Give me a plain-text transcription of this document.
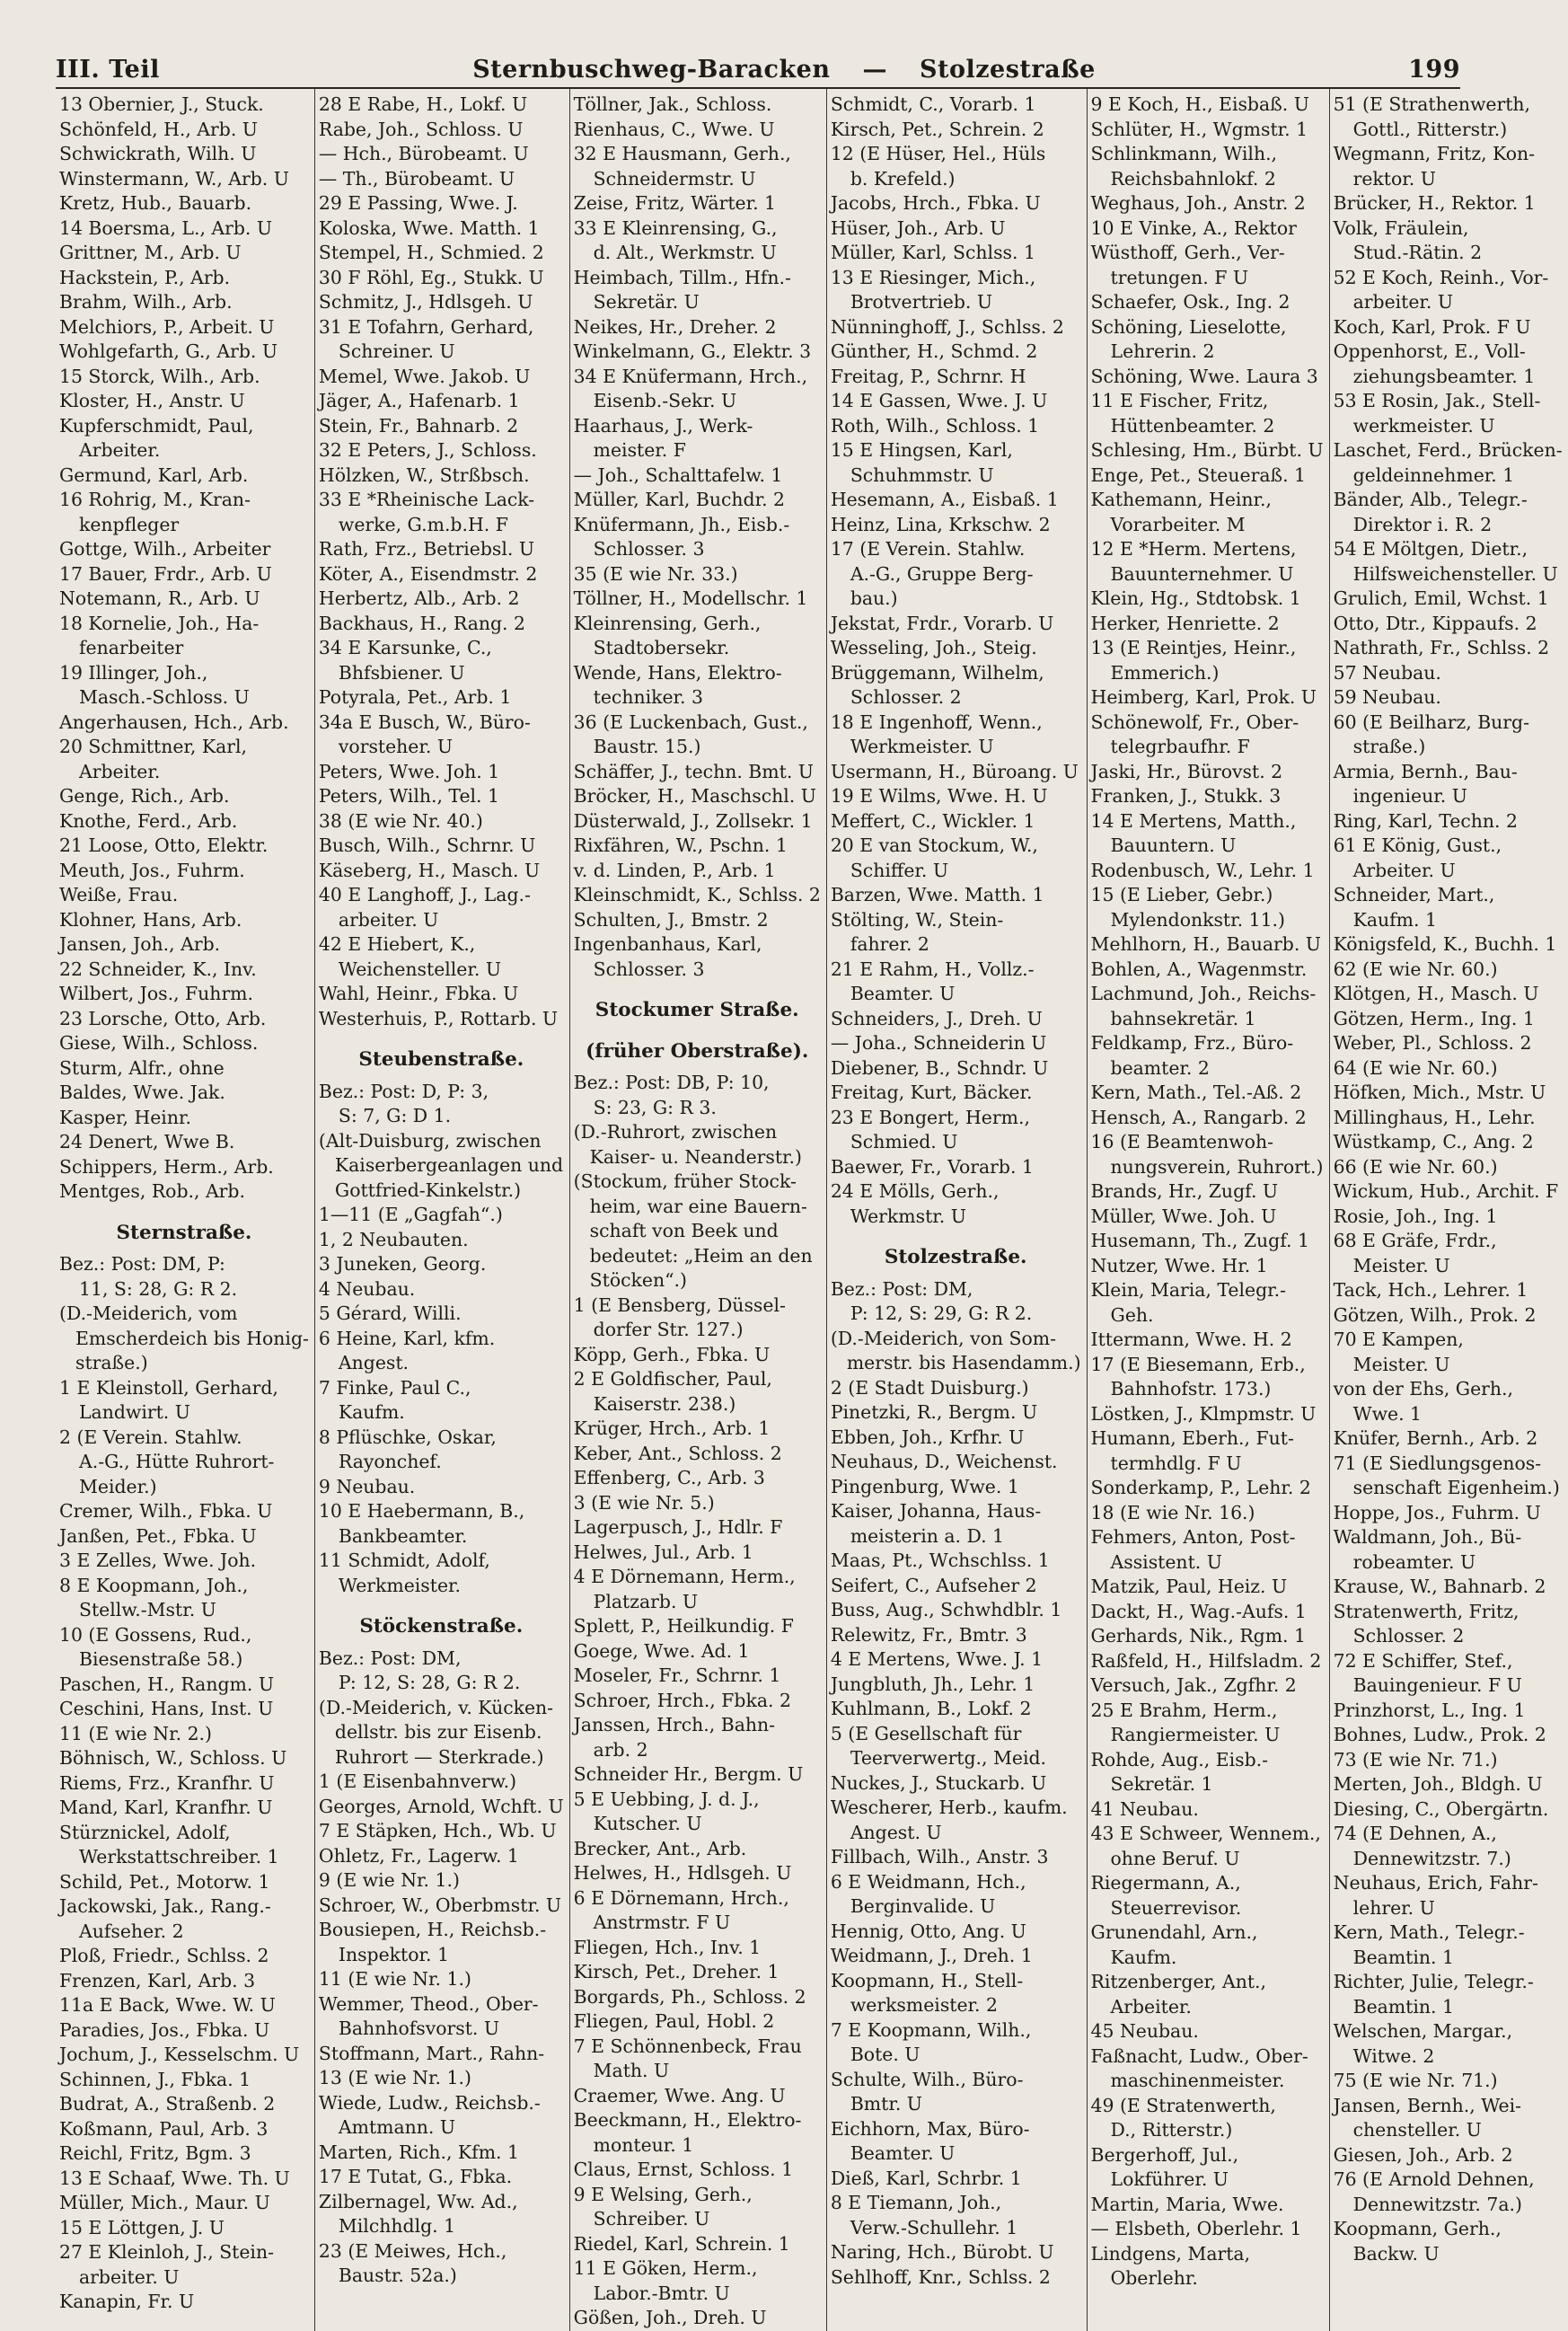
III. Teil	Sternbuschweg-Baracken — Stolzestraße	199
13 Obernier, J., Stuck.
Schönfeld, H., Arb. U
Schwickrath, Wilh. U
Winstermann, W., Arb. U
Kretz, Hub., Bauarb.
14 Boersma, L., Arb. U
Grittner, M., Arb. U
Hackstein, P., Arb.
Brahm, Wilh., Arb.
Melchiors, P., Arbeit. U
Wohlgefarth, G., Arb. U
15 Storck, Wilh., Arb.
Kloster, H., Anstr. U
Kupferschmidt, Paul,
Arbeiter.
Germund, Karl, Arb.
16 Rohrig, M., Kran-
kenpfleger
Gottge, Wilh., Arbeiter
17 Bauer, Frdr., Arb. U
Notemann, R., Arb. U
18 Kornelie, Joh., Ha-
fenarbeiter
19 Illinger, Joh.,
Masch.-Schloss. U
Angerhausen, Hch., Arb.
20 Schmittner, Karl,
Arbeiter.
Genge, Rich., Arb.
Knothe, Ferd., Arb.
21 Loose, Otto, Elektr.
Meuth, Jos., Fuhrm.
Weiße, Frau.
Klohner, Hans, Arb.
Jansen, Joh., Arb.
22 Schneider, K., Inv.
Wilbert, Jos., Fuhrm.
23 Lorsche, Otto, Arb.
Giese, Wilh., Schloss.
Sturm, Alfr., ohne
Baldes, Wwe. Jak.
Kasper, Heinr.
24 Denert, Wwe B.
Schippers, Herm., Arb.
Mentges, Rob., Arb.
Sternstraße.
Bez.: Post: DM, P:
11, S: 28, G: R 2.
(D.-Meiderich, vom
Emscherdeich bis Honig-
straße.)
1 E Kleinstoll, Gerhard,
Landwirt. U
2 (E Verein. Stahlw.
A.-G., Hütte Ruhrort-
Meider.)
Cremer, Wilh., Fbka. U
Janßen, Pet., Fbka. U
3 E Zelles, Wwe. Joh.
8 E Koopmann, Joh.,
Stellw.-Mstr. U
10 (E Gossens, Rud.,
Biesenstraße 58.)
Paschen, H., Rangm. U
Ceschini, Hans, Inst. U
11 (E wie Nr. 2.)
Böhnisch, W., Schloss. U
Riems, Frz., Kranfhr. U
Mand, Karl, Kranfhr. U
Stürznickel, Adolf,
Werkstattschreiber. 1
Schild, Pet., Motorw. 1
Jackowski, Jak., Rang.-
Aufseher. 2
Ploß, Friedr., Schlss. 2
Frenzen, Karl, Arb. 3
11a E Back, Wwe. W. U
Paradies, Jos., Fbka. U
Jochum, J., Kesselschm. U
Schinnen, J., Fbka. 1
Budrat, A., Straßenb. 2
Koßmann, Paul, Arb. 3
Reichl, Fritz, Bgm. 3
13 E Schaaf, Wwe. Th. U
Müller, Mich., Maur. U
15 E Löttgen, J. U
27 E Kleinloh, J., Stein-
arbeiter. U
Kanapin, Fr. U
28 E Rabe, H., Lokf. U
Rabe, Joh., Schloss. U
— Hch., Bürobeamt. U
— Th., Bürobeamt. U
29 E Passing, Wwe. J.
Koloska, Wwe. Matth. 1
Stempel, H., Schmied. 2
30 F Röhl, Eg., Stukk. U
Schmitz, J., Hdlsgeh. U
31 E Tofahrn, Gerhard,
Schreiner. U
Memel, Wwe. Jakob. U
Jäger, A., Hafenarb. 1
Stein, Fr., Bahnarb. 2
32 E Peters, J., Schloss.
Hölzken, W., Strßbsch.
33 E *Rheinische Lack-
werke, G.m.b.H. F
Rath, Frz., Betriebsl. U
Köter, A., Eisendmstr. 2
Herbertz, Alb., Arb. 2
Backhaus, H., Rang. 2
34 E Karsunke, C.,
Bhfsbiener. U
Potyrala, Pet., Arb. 1
34a E Busch, W., Büro-
vorsteher. U
Peters, Wwe. Joh. 1
Peters, Wilh., Tel. 1
38 (E wie Nr. 40.)
Busch, Wilh., Schrnr. U
Käseberg, H., Masch. U
40 E Langhoff, J., Lag.-
arbeiter. U
42 E Hiebert, K.,
Weichensteller. U
Wahl, Heinr., Fbka. U
Westerhuis, P., Rottarb. U
Steubenstraße.
Bez.: Post: D, P: 3,
S: 7, G: D 1.
(Alt-Duisburg, zwischen
Kaiserbergeanlagen und
Gottfried-Kinkelstr.)
1—11 (E „Gagfah“.)
1, 2 Neubauten.
3 Juneken, Georg.
4 Neubau.
5 Gérard, Willi.
6 Heine, Karl, kfm.
Angest.
7 Finke, Paul C.,
Kaufm.
8 Pflüschke, Oskar,
Rayonchef.
9 Neubau.
10 E Haebermann, B.,
Bankbeamter.
11 Schmidt, Adolf,
Werkmeister.
Stöckenstraße.
Bez.: Post: DM,
P: 12, S: 28, G: R 2.
(D.-Meiderich, v. Kücken-
dellstr. bis zur Eisenb.
Ruhrort — Sterkrade.)
1 (E Eisenbahnverw.)
Georges, Arnold, Wchft. U
7 E Stäpken, Hch., Wb. U
Ohletz, Fr., Lagerw. 1
9 (E wie Nr. 1.)
Schroer, W., Oberbmstr. U
Bousiepen, H., Reichsb.-
Inspektor. 1
11 (E wie Nr. 1.)
Wemmer, Theod., Ober-
Bahnhofsvorst. U
Stoffmann, Mart., Rahn-
13 (E wie Nr. 1.)
Wiede, Ludw., Reichsb.-
Amtmann. U
Marten, Rich., Kfm. 1
17 E Tutat, G., Fbka.
Zilbernagel, Ww. Ad.,
Milchhdlg. 1
23 (E Meiwes, Hch.,
Baustr. 52a.)
Töllner, Jak., Schloss.
Rienhaus, C., Wwe. U
32 E Hausmann, Gerh.,
Schneidermstr. U
Zeise, Fritz, Wärter. 1
33 E Kleinrensing, G.,
d. Alt., Werkmstr. U
Heimbach, Tillm., Hfn.-
Sekretär. U
Neikes, Hr., Dreher. 2
Winkelmann, G., Elektr. 3
34 E Knüfermann, Hrch.,
Eisenb.-Sekr. U
Haarhaus, J., Werk-
meister. F
— Joh., Schalttafelw. 1
Müller, Karl, Buchdr. 2
Knüfermann, Jh., Eisb.-
Schlosser. 3
35 (E wie Nr. 33.)
Töllner, H., Modellschr. 1
Kleinrensing, Gerh.,
Stadtobersekr.
Wende, Hans, Elektro-
techniker. 3
36 (E Luckenbach, Gust.,
Baustr. 15.)
Schäffer, J., techn. Bmt. U
Bröcker, H., Maschschl. U
Düsterwald, J., Zollsekr. 1
Rixfähren, W., Pschn. 1
v. d. Linden, P., Arb. 1
Kleinschmidt, K., Schlss. 2
Schulten, J., Bmstr. 2
Ingenbanhaus, Karl,
Schlosser. 3
Stockumer Straße.
(früher Oberstraße).
Bez.: Post: DB, P: 10,
S: 23, G: R 3.
(D.-Ruhrort, zwischen
Kaiser- u. Neanderstr.)
(Stockum, früher Stock-
heim, war eine Bauern-
schaft von Beek und
bedeutet: „Heim an den
Stöcken“.)
1 (E Bensberg, Düssel-
dorfer Str. 127.)
Köpp, Gerh., Fbka. U
2 E Goldfischer, Paul,
Kaiserstr. 238.)
Krüger, Hrch., Arb. 1
Keber, Ant., Schloss. 2
Effenberg, C., Arb. 3
3 (E wie Nr. 5.)
Lagerpusch, J., Hdlr. F
Helwes, Jul., Arb. 1
4 E Dörnemann, Herm.,
Platzarb. U
Splett, P., Heilkundig. F
Goege, Wwe. Ad. 1
Moseler, Fr., Schrnr. 1
Schroer, Hrch., Fbka. 2
Janssen, Hrch., Bahn-
arb. 2
Schneider Hr., Bergm. U
5 E Uebbing, J. d. J.,
Kutscher. U
Brecker, Ant., Arb.
Helwes, H., Hdlsgeh. U
6 E Dörnemann, Hrch.,
Anstrmstr. F U
Fliegen, Hch., Inv. 1
Kirsch, Pet., Dreher. 1
Borgards, Ph., Schloss. 2
Fliegen, Paul, Hobl. 2
7 E Schönnenbeck, Frau
Math. U
Craemer, Wwe. Ang. U
Beeckmann, H., Elektro-
monteur. 1
Claus, Ernst, Schloss. 1
9 E Welsing, Gerh.,
Schreiber. U
Riedel, Karl, Schrein. 1
11 E Göken, Herm.,
Labor.-Bmtr. U
Gößen, Joh., Dreh. U
Schmidt, C., Vorarb. 1
Kirsch, Pet., Schrein. 2
12 (E Hüser, Hel., Hüls
b. Krefeld.)
Jacobs, Hrch., Fbka. U
Hüser, Joh., Arb. U
Müller, Karl, Schlss. 1
13 E Riesinger, Mich.,
Brotvertrieb. U
Nünninghoff, J., Schlss. 2
Günther, H., Schmd. 2
Freitag, P., Schrnr. H
14 E Gassen, Wwe. J. U
Roth, Wilh., Schloss. 1
15 E Hingsen, Karl,
Schuhmmstr. U
Hesemann, A., Eisbaß. 1
Heinz, Lina, Krkschw. 2
17 (E Verein. Stahlw.
A.-G., Gruppe Berg-
bau.)
Jekstat, Frdr., Vorarb. U
Wesseling, Joh., Steig.
Brüggemann, Wilhelm,
Schlosser. 2
18 E Ingenhoff, Wenn.,
Werkmeister. U
Usermann, H., Büroang. U
19 E Wilms, Wwe. H. U
Meffert, C., Wickler. 1
20 E van Stockum, W.,
Schiffer. U
Barzen, Wwe. Matth. 1
Stölting, W., Stein-
fahrer. 2
21 E Rahm, H., Vollz.-
Beamter. U
Schneiders, J., Dreh. U
— Joha., Schneiderin U
Diebener, B., Schndr. U
Freitag, Kurt, Bäcker.
23 E Bongert, Herm.,
Schmied. U
Baewer, Fr., Vorarb. 1
24 E Mölls, Gerh.,
Werkmstr. U
Stolzestraße.
Bez.: Post: DM,
P: 12, S: 29, G: R 2.
(D.-Meiderich, von Som-
merstr. bis Hasendamm.)
2 (E Stadt Duisburg.)
Pinetzki, R., Bergm. U
Ebben, Joh., Krfhr. U
Neuhaus, D., Weichenst.
Pingenburg, Wwe. 1
Kaiser, Johanna, Haus-
meisterin a. D. 1
Maas, Pt., Wchschlss. 1
Seifert, C., Aufseher 2
Buss, Aug., Schwhdblr. 1
Relewitz, Fr., Bmtr. 3
4 E Mertens, Wwe. J. 1
Jungbluth, Jh., Lehr. 1
Kuhlmann, B., Lokf. 2
5 (E Gesellschaft für
Teerverwertg., Meid.
Nuckes, J., Stuckarb. U
Wescherer, Herb., kaufm.
Angest. U
Fillbach, Wilh., Anstr. 3
6 E Weidmann, Hch.,
Berginvalide. U
Hennig, Otto, Ang. U
Weidmann, J., Dreh. 1
Koopmann, H., Stell-
werksmeister. 2
7 E Koopmann, Wilh.,
Bote. U
Schulte, Wilh., Büro-
Bmtr. U
Eichhorn, Max, Büro-
Beamter. U
Dieß, Karl, Schrbr. 1
8 E Tiemann, Joh.,
Verw.-Schullehr. 1
Naring, Hch., Bürobt. U
Sehlhoff, Knr., Schlss. 2
9 E Koch, H., Eisbaß. U
Schlüter, H., Wgmstr. 1
Schlinkmann, Wilh.,
Reichsbahnlokf. 2
Weghaus, Joh., Anstr. 2
10 E Vinke, A., Rektor
Wüsthoff, Gerh., Ver-
tretungen. F U
Schaefer, Osk., Ing. 2
Schöning, Lieselotte,
Lehrerin. 2
Schöning, Wwe. Laura 3
11 E Fischer, Fritz,
Hüttenbeamter. 2
Schlesing, Hm., Bürbt. U
Enge, Pet., Steueraß. 1
Kathemann, Heinr.,
Vorarbeiter. M
12 E *Herm. Mertens,
Bauunternehmer. U
Klein, Hg., Stdtobsk. 1
Herker, Henriette. 2
13 (E Reintjes, Heinr.,
Emmerich.)
Heimberg, Karl, Prok. U
Schönewolf, Fr., Ober-
telegrbaufhr. F
Jaski, Hr., Bürovst. 2
Franken, J., Stukk. 3
14 E Mertens, Matth.,
Bauuntern. U
Rodenbusch, W., Lehr. 1
15 (E Lieber, Gebr.)
Mylendonkstr. 11.)
Mehlhorn, H., Bauarb. U
Bohlen, A., Wagenmstr.
Lachmund, Joh., Reichs-
bahnsekretär. 1
Feldkamp, Frz., Büro-
beamter. 2
Kern, Math., Tel.-Aß. 2
Hensch, A., Rangarb. 2
16 (E Beamtenwoh-
nungsverein, Ruhrort.)
Brands, Hr., Zugf. U
Müller, Wwe. Joh. U
Husemann, Th., Zugf. 1
Nutzer, Wwe. Hr. 1
Klein, Maria, Telegr.-
Geh.
Ittermann, Wwe. H. 2
17 (E Biesemann, Erb.,
Bahnhofstr. 173.)
Löstken, J., Klmpmstr. U
Humann, Eberh., Fut-
termhdlg. F U
Sonderkamp, P., Lehr. 2
18 (E wie Nr. 16.)
Fehmers, Anton, Post-
Assistent. U
Matzik, Paul, Heiz. U
Dackt, H., Wag.-Aufs. 1
Gerhards, Nik., Rgm. 1
Raßfeld, H., Hilfsladm. 2
Versuch, Jak., Zgfhr. 2
25 E Brahm, Herm.,
Rangiermeister. U
Rohde, Aug., Eisb.-
Sekretär. 1
41 Neubau.
43 E Schweer, Wennem.,
ohne Beruf. U
Riegermann, A.,
Steuerrevisor.
Grunendahl, Arn.,
Kaufm.
Ritzenberger, Ant.,
Arbeiter.
45 Neubau.
Faßnacht, Ludw., Ober-
maschinenmeister.
49 (E Stratenwerth,
D., Ritterstr.)
Bergerhoff, Jul.,
Lokführer. U
Martin, Maria, Wwe.
— Elsbeth, Oberlehr. 1
Lindgens, Marta,
Oberlehr.
51 (E Strathenwerth,
Gottl., Ritterstr.)
Wegmann, Fritz, Kon-
rektor. U
Brücker, H., Rektor. 1
Volk, Fräulein,
Stud.-Rätin. 2
52 E Koch, Reinh., Vor-
arbeiter. U
Koch, Karl, Prok. F U
Oppenhorst, E., Voll-
ziehungsbeamter. 1
53 E Rosin, Jak., Stell-
werkmeister. U
Laschet, Ferd., Brücken-
geldeinnehmer. 1
Bänder, Alb., Telegr.-
Direktor i. R. 2
54 E Möltgen, Dietr.,
Hilfsweichensteller. U
Grulich, Emil, Wchst. 1
Otto, Dtr., Kippaufs. 2
Nathrath, Fr., Schlss. 2
57 Neubau.
59 Neubau.
60 (E Beilharz, Burg-
straße.)
Armia, Bernh., Bau-
ingenieur. U
Ring, Karl, Techn. 2
61 E König, Gust.,
Arbeiter. U
Schneider, Mart.,
Kaufm. 1
Königsfeld, K., Buchh. 1
62 (E wie Nr. 60.)
Klötgen, H., Masch. U
Götzen, Herm., Ing. 1
Weber, Pl., Schloss. 2
64 (E wie Nr. 60.)
Höfken, Mich., Mstr. U
Millinghaus, H., Lehr.
Wüstkamp, C., Ang. 2
66 (E wie Nr. 60.)
Wickum, Hub., Archit. F
Rosie, Joh., Ing. 1
68 E Gräfe, Frdr.,
Meister. U
Tack, Hch., Lehrer. 1
Götzen, Wilh., Prok. 2
70 E Kampen,
Meister. U
von der Ehs, Gerh.,
Wwe. 1
Knüfer, Bernh., Arb. 2
71 (E Siedlungsgenos-
senschaft Eigenheim.)
Hoppe, Jos., Fuhrm. U
Waldmann, Joh., Bü-
robeamter. U
Krause, W., Bahnarb. 2
Stratenwerth, Fritz,
Schlosser. 2
72 E Schiffer, Stef.,
Bauingenieur. F U
Prinzhorst, L., Ing. 1
Bohnes, Ludw., Prok. 2
73 (E wie Nr. 71.)
Merten, Joh., Bldgh. U
Diesing, C., Obergärtn.
74 (E Dehnen, A.,
Dennewitzstr. 7.)
Neuhaus, Erich, Fahr-
lehrer. U
Kern, Math., Telegr.-
Beamtin. 1
Richter, Julie, Telegr.-
Beamtin. 1
Welschen, Margar.,
Witwe. 2
75 (E wie Nr. 71.)
Jansen, Bernh., Wei-
chensteller. U
Giesen, Joh., Arb. 2
76 (E Arnold Dehnen,
Dennewitzstr. 7a.)
Koopmann, Gerh.,
Backw. U
